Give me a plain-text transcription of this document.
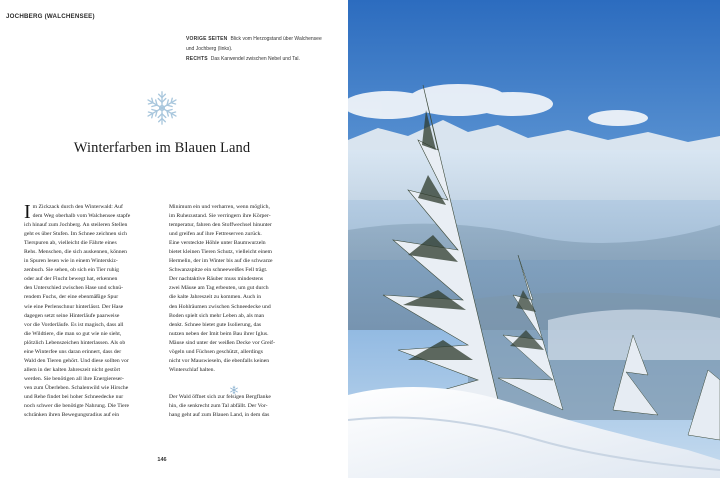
JOCHBERG (WALCHENSEE)
VORIGE SEITEN Blick vom Herzogstand über Walchensee
und Jochberg (links).
RECHTS Das Karwendel zwischen Nebel und Tal.
Winterfarben im Blauen Land
I m Zickzack durch den Winterwald: Auf
dem Weg oberhalb vom Walchensee stapfe
ich hinauf zum Jochberg. An steileren Stellen
geht es über Stufen. Im Schnee zeichnen sich
Tierspuren ab, vielleicht die Fährte eines
Rehs. Menschen, die sich auskennen, können
in Spuren lesen wie in einem Winterskiz-
zenbuch. Sie sehen, ob sich ein Tier ruhig
oder auf der Flucht bewegt hat, erkennen
den Unterschied zwischen Hase und schnü-
rendem Fuchs, der eine ebenmäßige Spur
wie eine Perlenschnur hinterlässt. Der Hase
dagegen setzt seine Hinterläufe paarweise
vor die Vorderläufe. Es ist magisch, dass all
die Wildtiere, die man so gut wie nie sieht,
plötzlich Lebenszeichen hinterlassen. Als ob
eine Winterfee uns daran erinnert, dass der
Wald den Tieren gehört. Und diese sollten vor
allem in der kalten Jahreszeit nicht gestört
werden. Sie benötigen all ihre Energiereser-
ven zum Überleben. Schalenwild wie Hirsche
und Rehe findet bei hoher Schneedecke nur
noch schwer die benötigte Nahrung. Die Tiere
schränken ihren Bewegungsradius auf ein
Minimum ein und verharren, wenn möglich,
im Ruhezustand. Sie verringern ihre Körper-
temperatur, fahren den Stoffwechsel hinunter
und greifen auf ihre Fettreserven zurück.
Eine versteckte Höhle unter Baumwurzeln
bietet kleinen Tieren Schutz, vielleicht einem
Hermelin, der im Winter bis auf die schwarze
Schwanzspitze ein schneeweißes Fell trägt.
Der nachtaktive Räuber muss mindestens
zwei Mäuse am Tag erbeuten, um gut durch
die kalte Jahreszeit zu kommen. Auch in
den Hohlräumen zwischen Schneedecke und
Boden spielt sich mehr Leben ab, als man
denkt. Schnee bietet gute Isolierung, das
nutzen neben der Imit beim Bau ihrer Iglus.
Mäuse sind unter der weißen Decke vor Greif-
vögeln und Füchsen geschützt, allerdings
nicht vor Mauswieseln, die ebenfalls keinen
Winterschlaf halten.
Der Wald öffnet sich zur felsigen Bergflanke
hin, die senkrecht zum Tal abfällt. Der Vor-
hang geht auf zum Blauen Land, in dem das
146
